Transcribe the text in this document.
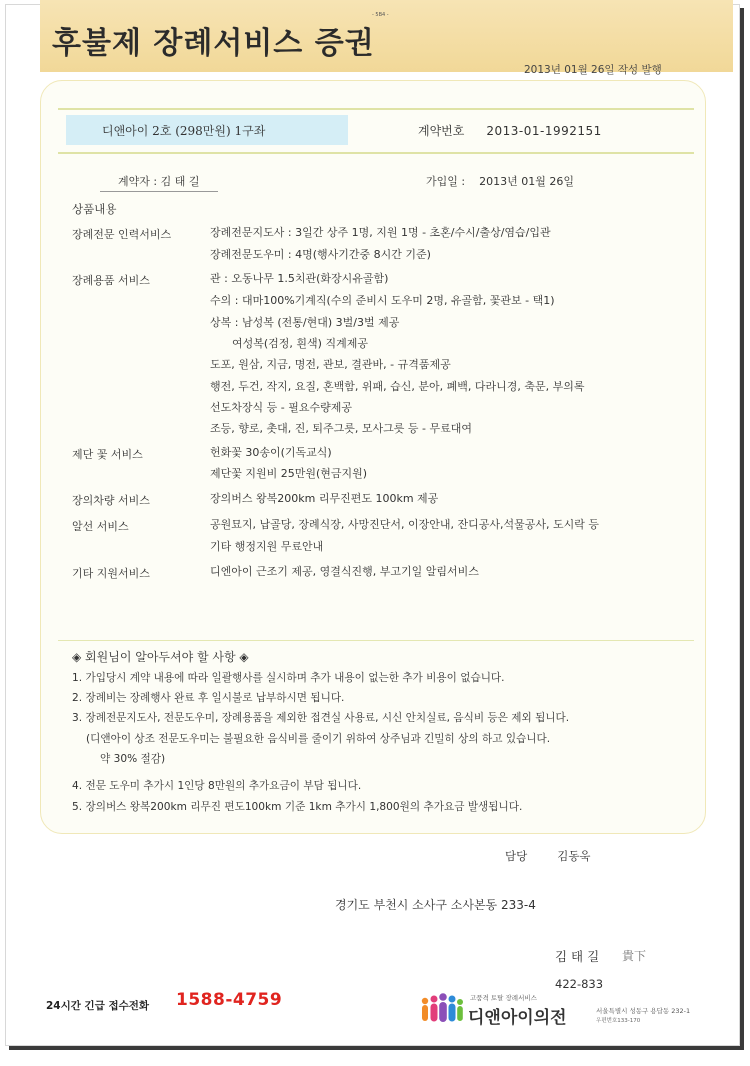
- 5B4 -
후불제 장례서비스 증권
2013년 01월 26일 작성 발행
디앤아이 2호 (298만원) 1구좌	계약번호 2013-01-1992151
계약자 : 김 태 길	가입일 : 2013년 01월 26일
상품내용
장례전문 인력서비스	장례전문지도사 : 3일간 상주 1명, 지원 1명 - 초혼/수시/출상/염습/입관
장례전문도우미 : 4명(행사기간중 8시간 기준)
장례용품 서비스	관 : 오동나무 1.5치관(화장시유골함)
수의 : 대마100%기계직(수의 준비시 도우미 2명, 유골함, 꽃관보 - 택1)
상복 : 남성복 (전통/현대) 3벌/3벌 제공
여성복(검정, 흰색) 직계제공
도포, 원삼, 지금, 명전, 관보, 결관바, - 규격품제공
행전, 두건, 작지, 요질, 혼백함, 위패, 습신, 분아, 폐백, 다라니경, 축문, 부의록
선도차장식 등 - 필요수량제공
조등, 향로, 촛대, 진, 퇴주그릇, 모사그릇 등 - 무료대여
제단 꽃 서비스	헌화꽃 30송이(기독교식)
제단꽃 지원비 25만원(현금지원)
장의차량 서비스	장의버스 왕복200km 리무진편도 100km 제공
알선 서비스	공원묘지, 납골당, 장례식장, 사망진단서, 이장안내, 잔디공사,석물공사, 도시락 등
기타 행정지원 무료안내
기타 지원서비스	디엔아이 근조기 제공, 영결식진행, 부고기일 알림서비스
◈ 회원님이 알아두셔야 할 사항 ◈
1. 가입당시 계약 내용에 따라 일괄행사를 실시하며 추가 내용이 없는한 추가 비용이 없습니다.
2. 장례비는 장례행사 완료 후 일시불로 납부하시면 됩니다.
3. 장례전문지도사, 전문도우미, 장례용품을 제외한 접견실 사용료, 시신 안치실료, 음식비 등은 제외 됩니다.
(디앤아이 상조 전문도우미는 불필요한 음식비를 줄이기 위하여 상주님과 긴밀히 상의 하고 있습니다.
약 30% 절감)
4. 전문 도우미 추가시 1인당 8만원의 추가요금이 부담 됩니다.
5. 장의버스 왕복200km 리무진 편도100km 기준 1km 추가시 1,800원의 추가요금 발생됩니다.
담당	김동욱
경기도 부천시 소사구 소사본동 233-4
김 태 길 貴下
422-833
24시간 긴급 접수전화 1588-4759	고품격 토탈 장례서비스
디앤아이의전	서울특별시 성동구 용답동 232-1
우편번호133-170
